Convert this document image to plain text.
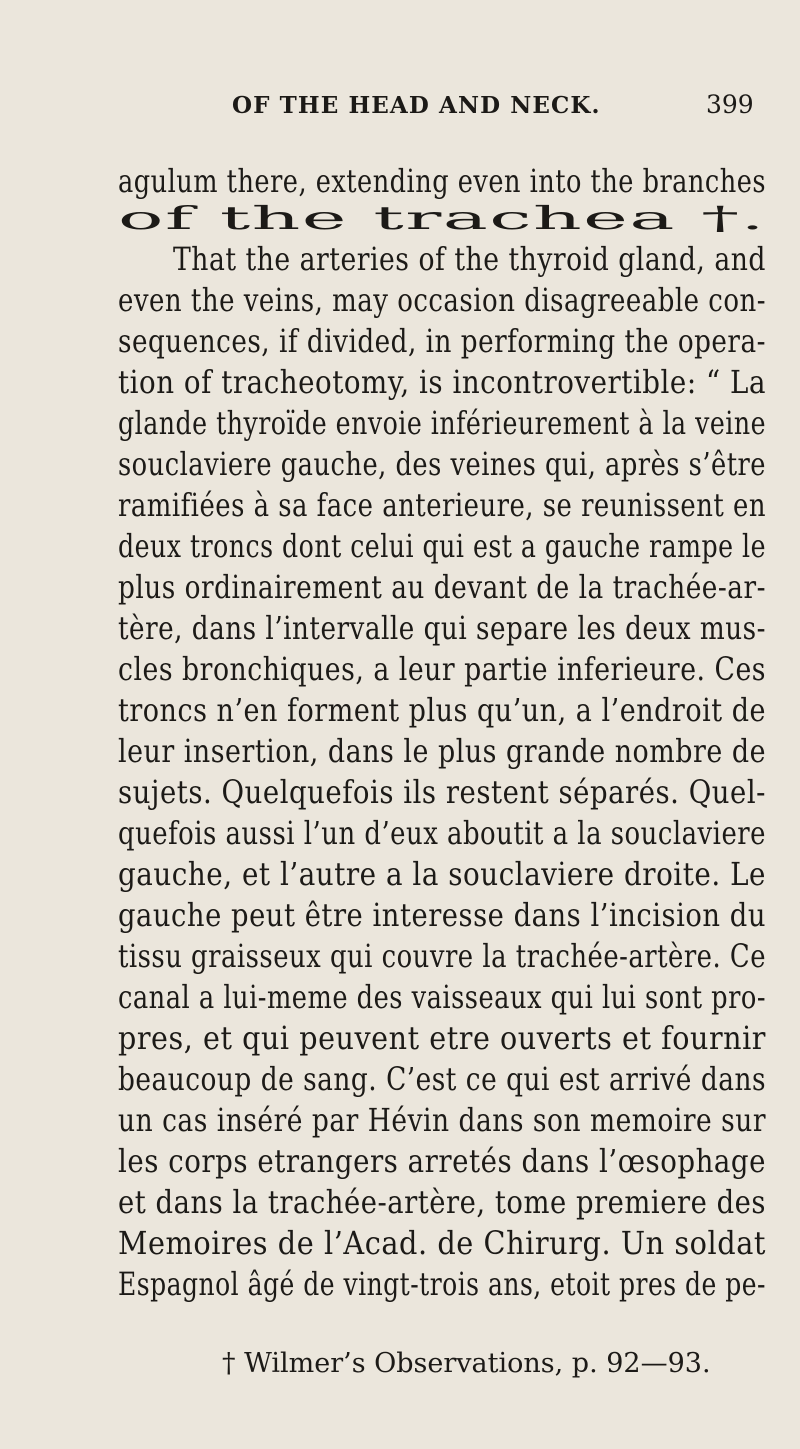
OF THE HEAD AND NECK.	399
agulum there, extending even into the branches
of the trachea †.
That the arteries of the thyroid gland, and
even the veins, may occasion disagreeable con-
sequences, if divided, in performing the opera-
tion of tracheotomy, is incontrovertible: “ La
glande thyroïde envoie inférieurement à la veine
souclaviere gauche, des veines qui, après s’être
ramifiées à sa face anterieure, se reunissent en
deux troncs dont celui qui est a gauche rampe le
plus ordinairement au devant de la trachée-ar-
tère, dans l’intervalle qui separe les deux mus-
cles bronchiques, a leur partie inferieure. Ces
troncs n’en forment plus qu’un, a l’endroit de
leur insertion, dans le plus grande nombre de
sujets. Quelquefois ils restent séparés. Quel-
quefois aussi l’un d’eux aboutit a la souclaviere
gauche, et l’autre a la souclaviere droite. Le
gauche peut être interesse dans l’incision du
tissu graisseux qui couvre la trachée-artère. Ce
canal a lui-meme des vaisseaux qui lui sont pro-
pres, et qui peuvent etre ouverts et fournir
beaucoup de sang. C’est ce qui est arrivé dans
un cas inséré par Hévin dans son memoire sur
les corps etrangers arretés dans l’œsophage
et dans la trachée-artère, tome premiere des
Memoires de l’Acad. de Chirurg. Un soldat
Espagnol âgé de vingt-trois ans, etoit pres de pe-
† Wilmer’s Observations, p. 92—93.
